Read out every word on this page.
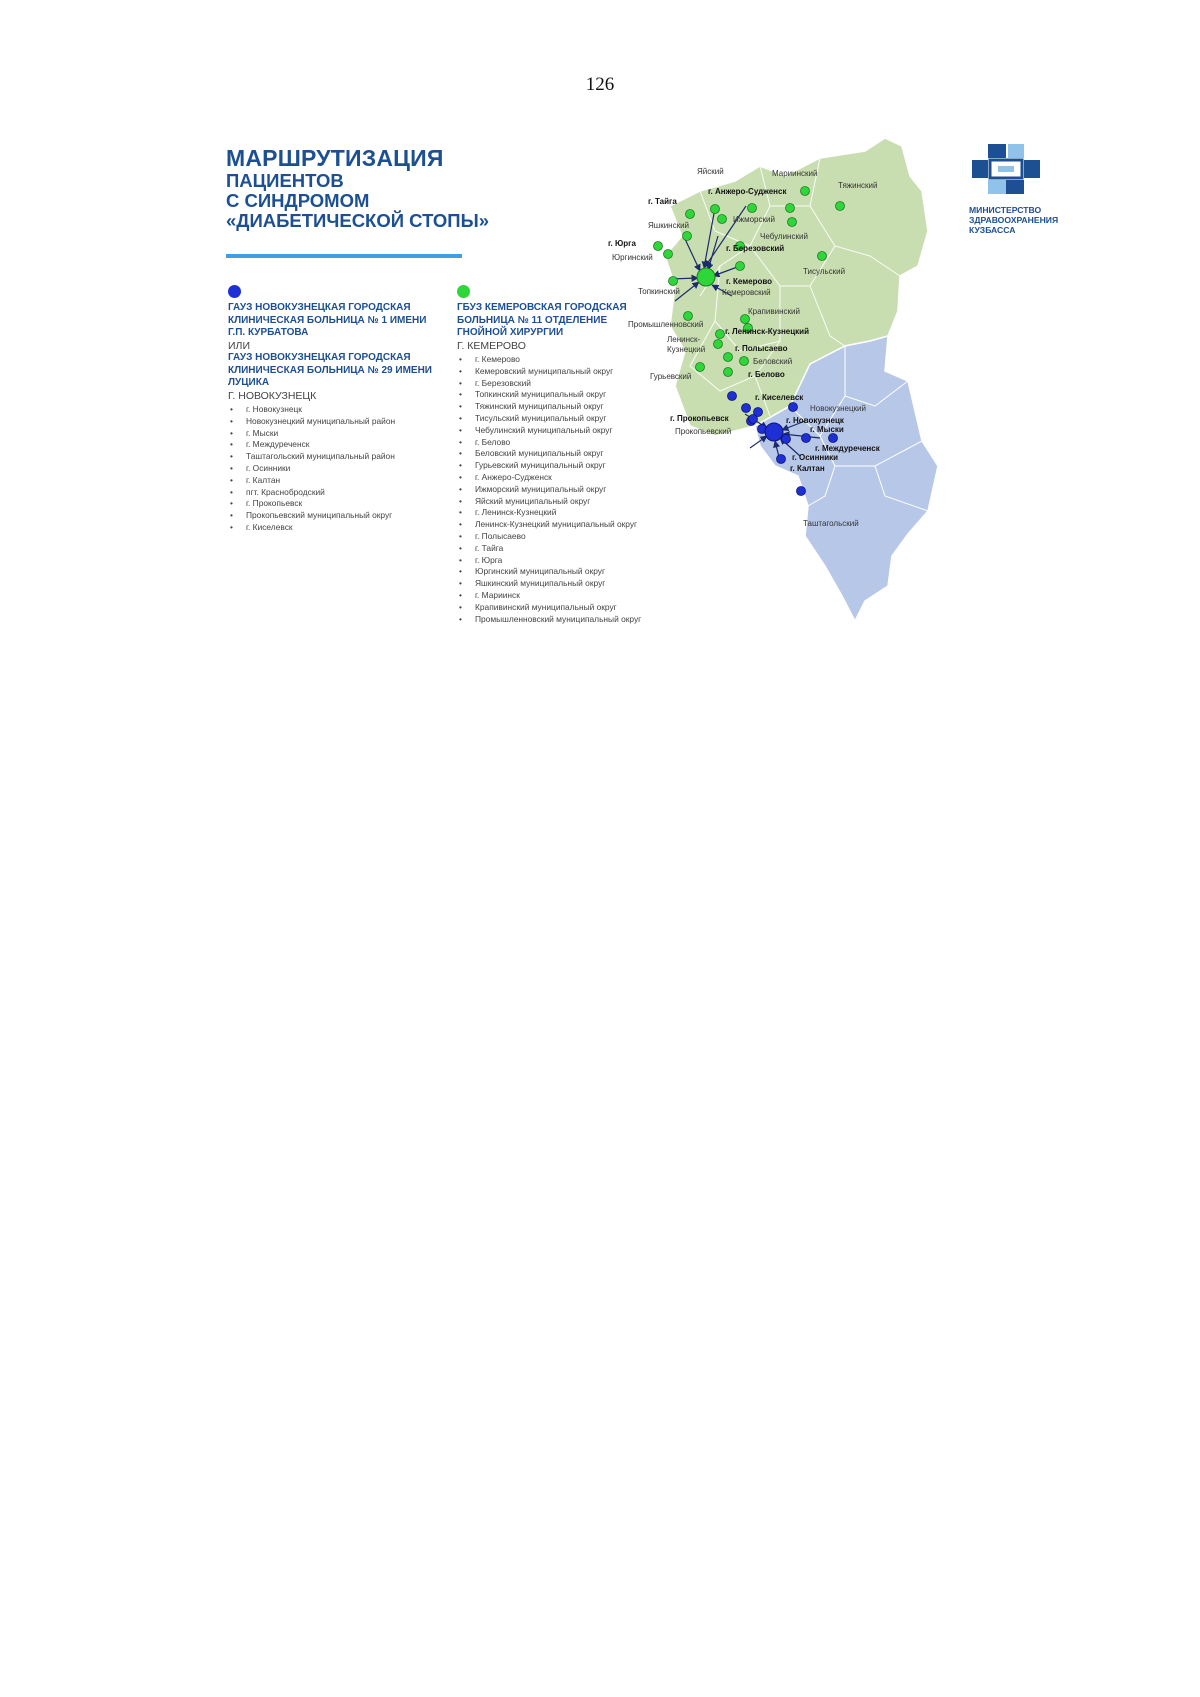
126
МАРШРУТИЗАЦИЯ
ПАЦИЕНТОВ
С СИНДРОМОМ
«ДИАБЕТИЧЕСКОЙ СТОПЫ»
ГАУЗ НОВОКУЗНЕЦКАЯ ГОРОДСКАЯ КЛИНИЧЕСКАЯ БОЛЬНИЦА № 1 ИМЕНИ Г.П. КУРБАТОВА
ИЛИ
ГАУЗ НОВОКУЗНЕЦКАЯ ГОРОДСКАЯ КЛИНИЧЕСКАЯ БОЛЬНИЦА № 29 ИМЕНИ ЛУЦИКА
Г. НОВОКУЗНЕЦК
• г. Новокузнецк
• Новокузнецкий муниципальный район
• г. Мыски
• г. Междуреченск
• Таштагольский муниципальный район
• г. Осинники
• г. Калтан
• пгт. Краснобродский
• г. Прокопьевск
• Прокопьевский муниципальный округ
• г. Киселевск
ГБУЗ КЕМЕРОВСКАЯ ГОРОДСКАЯ БОЛЬНИЦА № 11 ОТДЕЛЕНИЕ ГНОЙНОЙ ХИРУРГИИ
Г. КЕМЕРОВО
• г. Кемерово
• Кемеровский муниципальный округ
• г. Березовский
• Топкинский муниципальный округ
• Тяжинский муниципальный округ
• Тисульский муниципальный округ
• Чебулинский муниципальный округ
• г. Белово
• Беловский муниципальный округ
• Гурьевский муниципальный округ
• г. Анжеро-Судженск
• Ижморский муниципальный округ
• Яйский муниципальный округ
• г. Ленинск-Кузнецкий
• Ленинск-Кузнецкий муниципальный округ
• г. Полысаево
• г. Тайга
• г. Юрга
• Юргинский муниципальный округ
• Яшкинский муниципальный округ
• г. Мариинск
• Крапивинский муниципальный округ
• Промышленновский муниципальный округ
Яйский	Мариинский
Тяжинский
г. Анжеро-Судженск
г. Тайга
Ижморский
Яшкинский
Чебулинский
г. Юрга
г. Березовский
Юргинский
Тисульский
г. Кемерово
Кемеровский
Топкинский
Крапивинский
Промышленновский
г. Ленинск-Кузнецкий
Ленинск-
Кузнецкий	г. Полысаево
Беловский
Гурьевский	г. Белово
г. Киселевск
Новокузнецкий
г. Прокопьевск
Прокопьевский
г. Новокузнецк
г. Мыски
г. Междуреченск
г. Осинники
г. Калтан
Таштагольский
МИНИСТЕРСТВО
ЗДРАВООХРАНЕНИЯ
КУЗБАССА
